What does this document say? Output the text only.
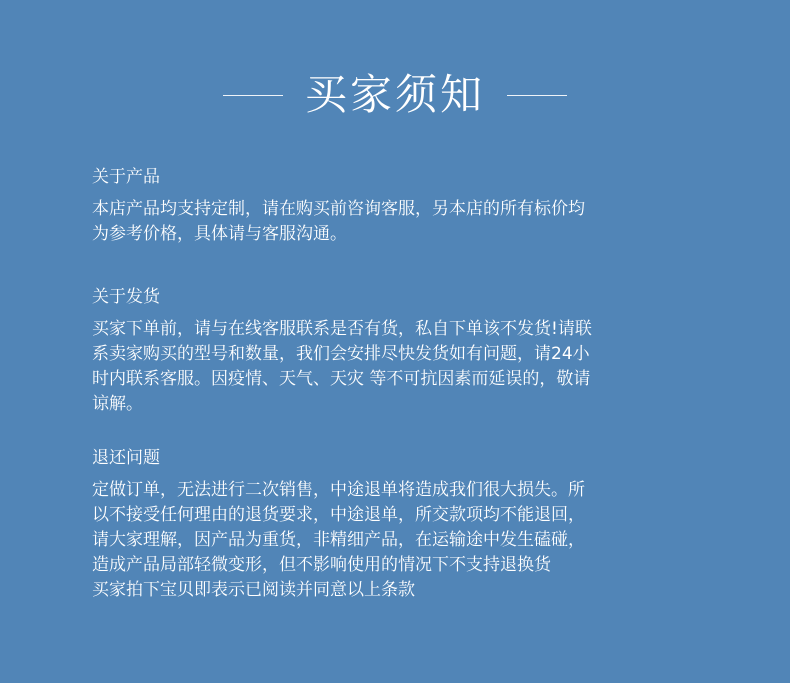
买家须知
关于产品
本店产品均支持定制，请在购买前咨询客服，另本店的所有标价均
为参考价格，具体请与客服沟通。
关于发货
买家下单前，请与在线客服联系是否有货，私自下单该不发货!请联
系卖家购买的型号和数量，我们会安排尽快发货如有问题，请24小
时内联系客服。因疫情、天气、天灾 等不可抗因素而延误的，敬请
谅解。
退还问题
定做订单，无法进行二次销售，中途退单将造成我们很大损失。所
以不接受任何理由的退货要求，中途退单，所交款项均不能退回，
请大家理解，因产品为重货，非精细产品，在运输途中发生磕碰，
造成产品局部轻微变形，但不影响使用的情况下不支持退换货
买家拍下宝贝即表示已阅读并同意以上条款
